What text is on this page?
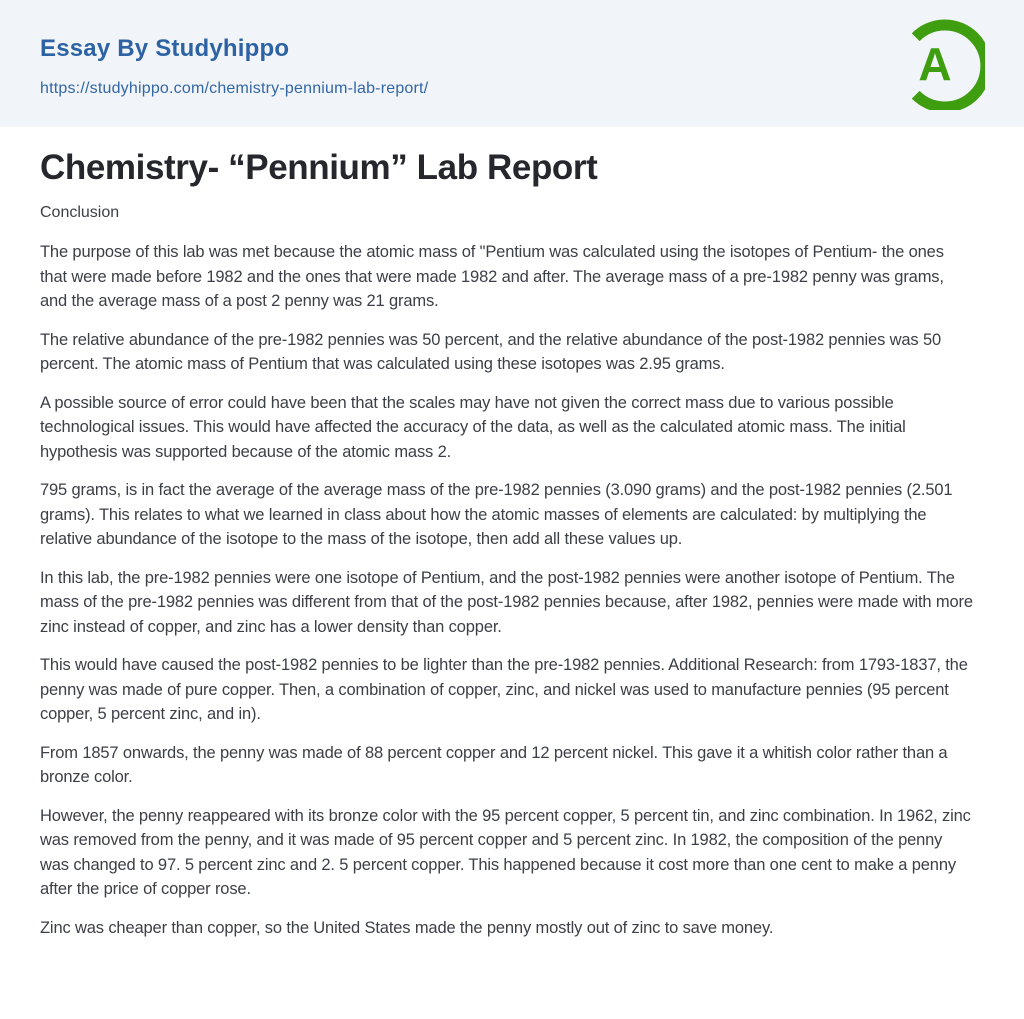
Essay By Studyhippo
https://studyhippo.com/chemistry-pennium-lab-report/	A
Chemistry- “Pennium” Lab Report
Conclusion

The purpose of this lab was met because the atomic mass of "Pentium was calculated using the isotopes of Pentium- the ones that were made before 1982 and the ones that were made 1982 and after. The average mass of a pre-1982 penny was grams, and the average mass of a post 2 penny was 21 grams.

The relative abundance of the pre-1982 pennies was 50 percent, and the relative abundance of the post-1982 pennies was 50 percent. The atomic mass of Pentium that was calculated using these isotopes was 2.95 grams.

A possible source of error could have been that the scales may have not given the correct mass due to various possible technological issues. This would have affected the accuracy of the data, as well as the calculated atomic mass. The initial hypothesis was supported because of the atomic mass 2.

795 grams, is in fact the average of the average mass of the pre-1982 pennies (3.090 grams) and the post-1982 pennies (2.501 grams). This relates to what we learned in class about how the atomic masses of elements are calculated: by multiplying the relative abundance of the isotope to the mass of the isotope, then add all these values up.

In this lab, the pre-1982 pennies were one isotope of Pentium, and the post-1982 pennies were another isotope of Pentium. The mass of the pre-1982 pennies was different from that of the post-1982 pennies because, after 1982, pennies were made with more zinc instead of copper, and zinc has a lower density than copper.

This would have caused the post-1982 pennies to be lighter than the pre-1982 pennies. Additional Research: from 1793-1837, the penny was made of pure copper. Then, a combination of copper, zinc, and nickel was used to manufacture pennies (95 percent copper, 5 percent zinc, and in).

From 1857 onwards, the penny was made of 88 percent copper and 12 percent nickel. This gave it a whitish color rather than a bronze color.

However, the penny reappeared with its bronze color with the 95 percent copper, 5 percent tin, and zinc combination. In 1962, zinc was removed from the penny, and it was made of 95 percent copper and 5 percent zinc. In 1982, the composition of the penny was changed to 97. 5 percent zinc and 2. 5 percent copper. This happened because it cost more than one cent to make a penny after the price of copper rose.

Zinc was cheaper than copper, so the United States made the penny mostly out of zinc to save money.
